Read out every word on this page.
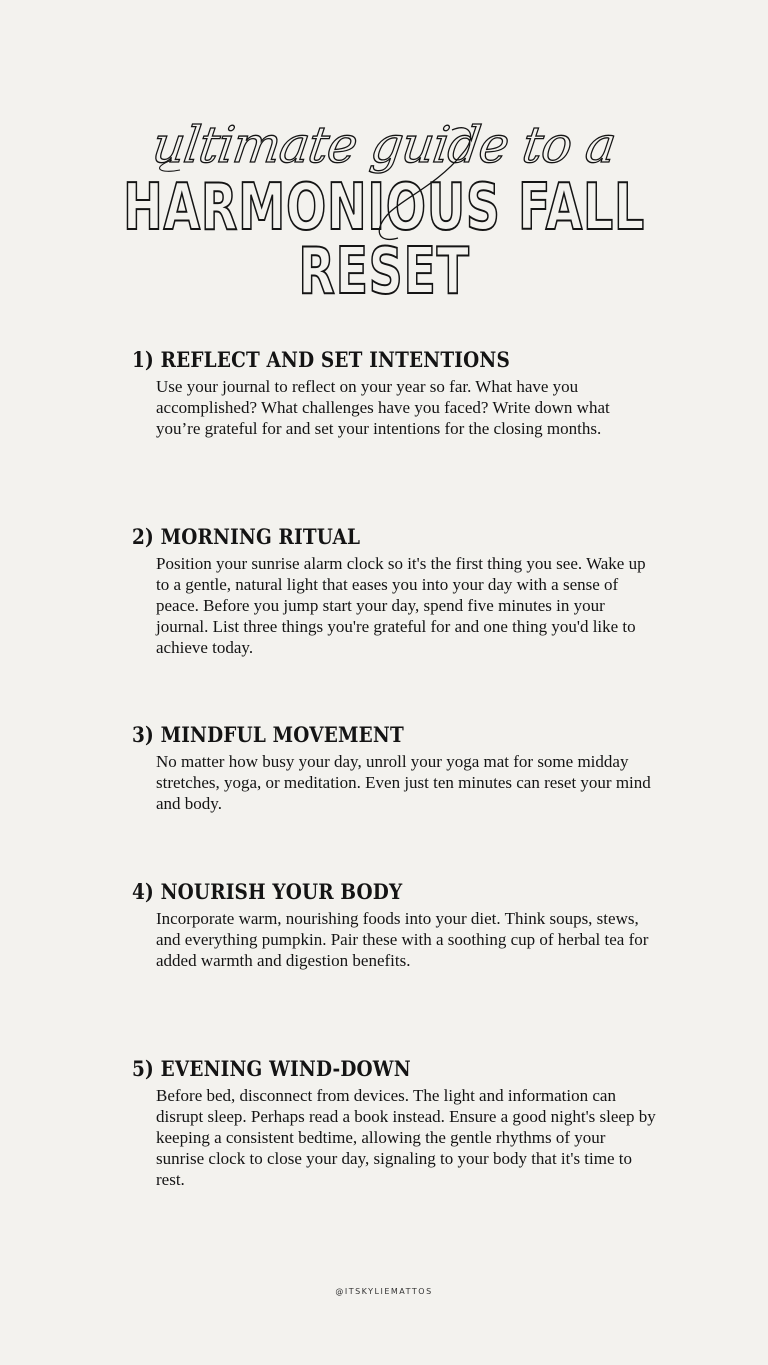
ultimate guide to a
HARMONIOUS FALL RESET
1) REFLECT AND SET INTENTIONS
Use your journal to reflect on your year so far. What have you accomplished? What challenges have you faced? Write down what you’re grateful for and set your intentions for the closing months.
2) MORNING RITUAL
Position your sunrise alarm clock so it's the first thing you see. Wake up to a gentle, natural light that eases you into your day with a sense of peace. Before you jump start your day, spend five minutes in your journal. List three things you're grateful for and one thing you'd like to achieve today.
3) MINDFUL MOVEMENT
No matter how busy your day, unroll your yoga mat for some midday stretches, yoga, or meditation. Even just ten minutes can reset your mind and body.
4) NOURISH YOUR BODY
Incorporate warm, nourishing foods into your diet. Think soups, stews, and everything pumpkin. Pair these with a soothing cup of herbal tea for added warmth and digestion benefits.
5) EVENING WIND-DOWN
Before bed, disconnect from devices. The light and information can disrupt sleep. Perhaps read a book instead. Ensure a good night's sleep by keeping a consistent bedtime, allowing the gentle rhythms of your sunrise clock to close your day, signaling to your body that it's time to rest.
@ITSKYLIEMATTOS
